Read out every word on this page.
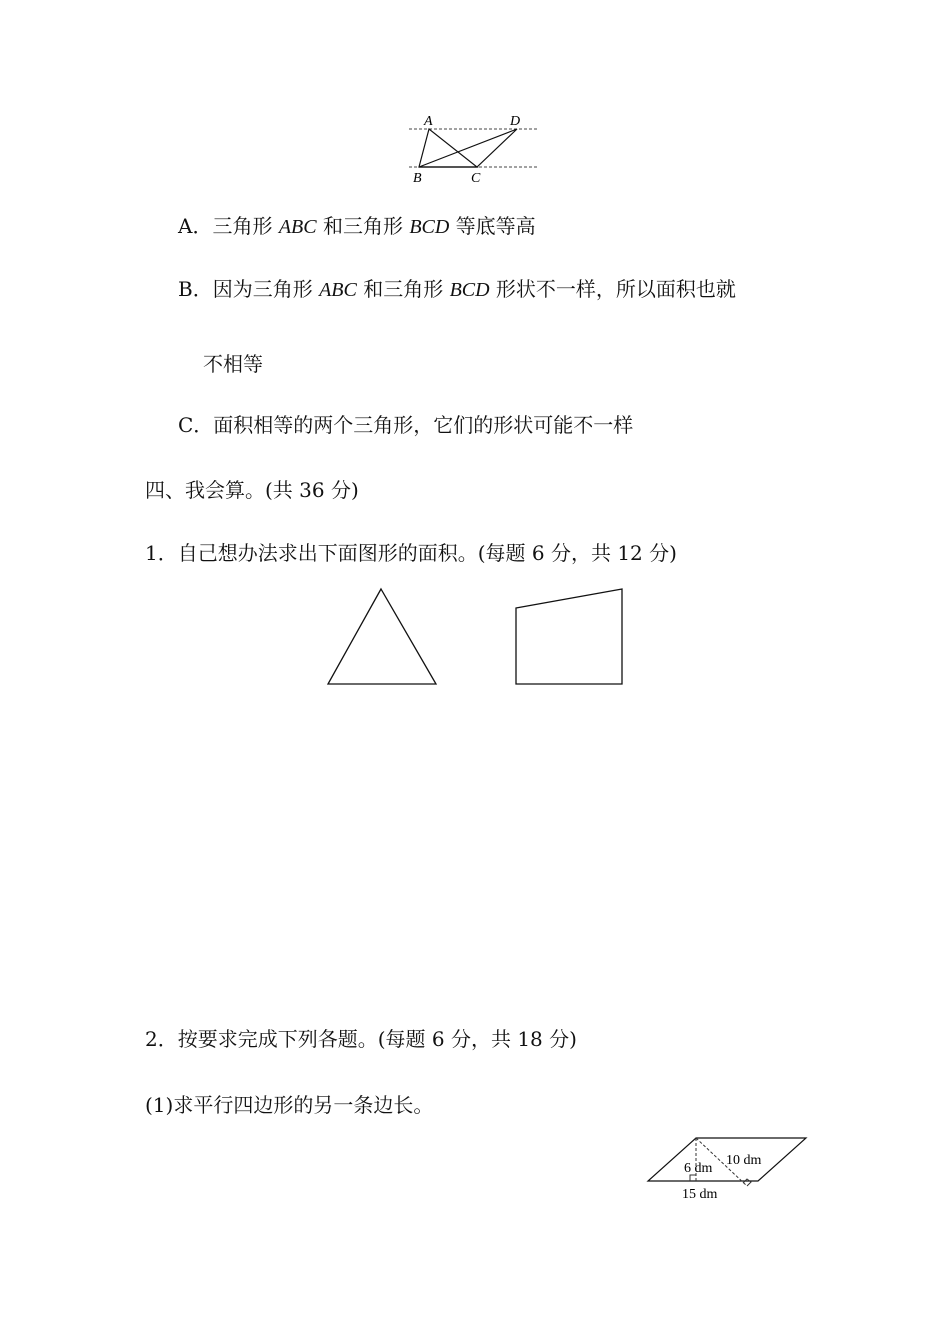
A	D
B	C
A．三角形 ABC 和三角形 BCD 等底等高
B．因为三角形 ABC 和三角形 BCD 形状不一样，所以面积也就
不相等
C．面积相等的两个三角形，它们的形状可能不一样
四、我会算。(共 36 分)
1．自己想办法求出下面图形的面积。(每题 6 分，共 12 分)
2．按要求完成下列各题。(每题 6 分，共 18 分)
(1)求平行四边形的另一条边长。
6 dm
10 dm
15 dm
